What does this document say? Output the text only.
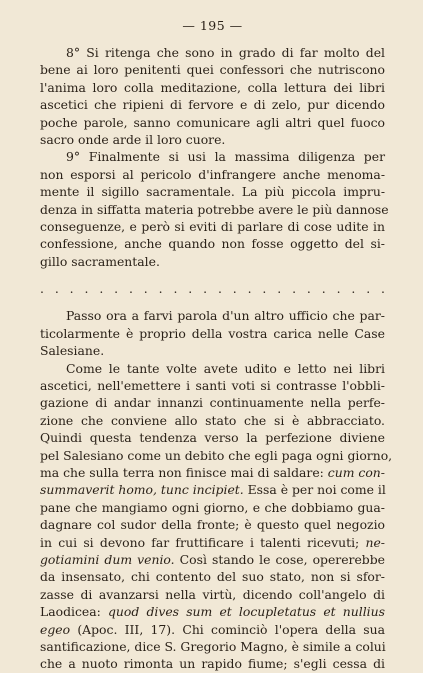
— 195 —
8° Si ritenga che sono in grado di far molto del
bene ai loro penitenti quei confessori che nutriscono
l'anima loro colla meditazione, colla lettura dei libri
ascetici che ripieni di fervore e di zelo, pur dicendo
poche parole, sanno comunicare agli altri quel fuoco
sacro onde arde il loro cuore.
9° Finalmente si usi la massima diligenza per
non esporsi al pericolo d'infrangere anche menoma-
mente il sigillo sacramentale. La più piccola impru-
denza in siffatta materia potrebbe avere le più dannose
conseguenze, e però si eviti di parlare di cose udite in
confessione, anche quando non fosse oggetto del si-
gillo sacramentale.
. . . . . . . . . . . . . . . . . . . . . . . .
Passo ora a farvi parola d'un altro ufficio che par-
ticolarmente è proprio della vostra carica nelle Case
Salesiane.
Come le tante volte avete udito e letto nei libri
ascetici, nell'emettere i santi voti si contrasse l'obbli-
gazione di andar innanzi continuamente nella perfe-
zione che conviene allo stato che si è abbracciato.
Quindi questa tendenza verso la perfezione diviene
pel Salesiano come un debito che egli paga ogni giorno,
ma che sulla terra non finisce mai di saldare: cum con-
summaverit homo, tunc incipiet. Essa è per noi come il
pane che mangiamo ogni giorno, e che dobbiamo gua-
dagnare col sudor della fronte; è questo quel negozio
in cui si devono far fruttificare i talenti ricevuti; ne-
gotiamini dum venio. Così stando le cose, opererebbe
da insensato, chi contento del suo stato, non si sfor-
zasse di avanzarsi nella virtù, dicendo coll'angelo di
Laodicea: quod dives sum et locupletatus et nullius
egeo (Apoc. III, 17). Chi cominciò l'opera della sua
santificazione, dice S. Gregorio Magno, è simile a colui
che a nuoto rimonta un rapido fiume; s'egli cessa di
